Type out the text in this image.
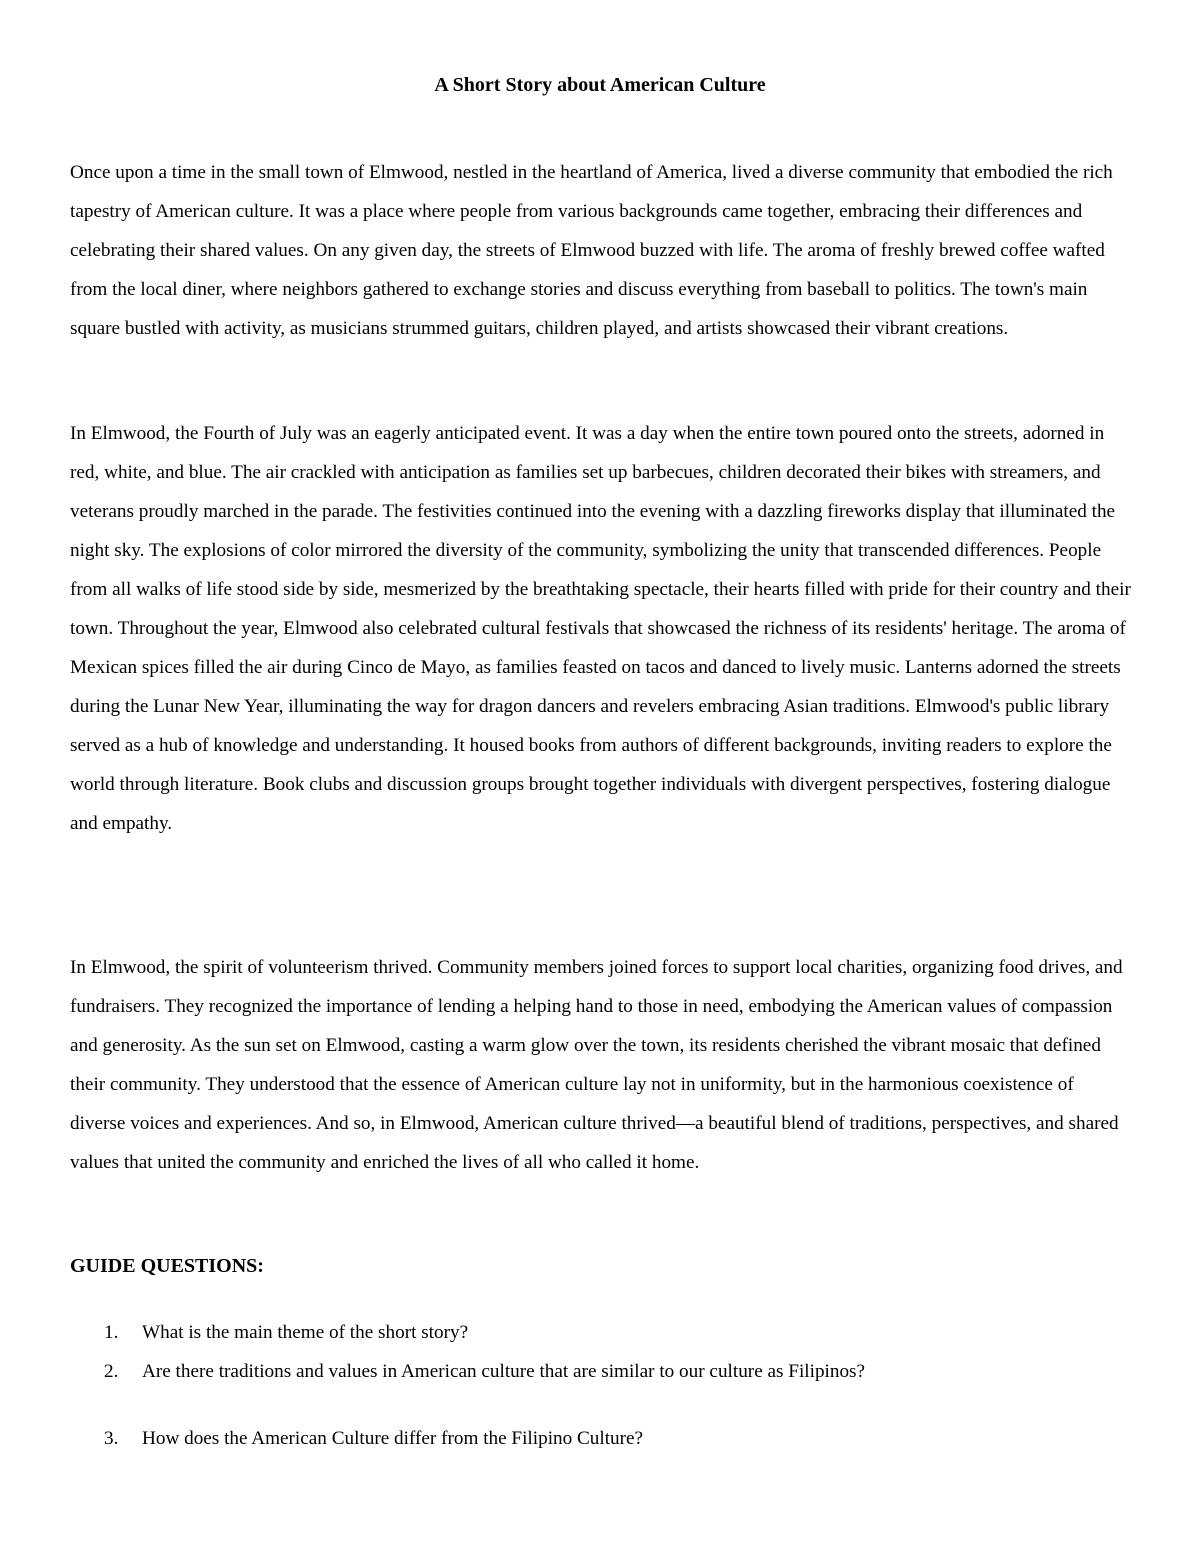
A Short Story about American Culture

Once upon a time in the small town of Elmwood, nestled in the heartland of America, lived a diverse community that embodied the rich tapestry of American culture. It was a place where people from various backgrounds came together, embracing their differences and celebrating their shared values. On any given day, the streets of Elmwood buzzed with life. The aroma of freshly brewed coffee wafted from the local diner, where neighbors gathered to exchange stories and discuss everything from baseball to politics. The town's main square bustled with activity, as musicians strummed guitars, children played, and artists showcased their vibrant creations.

In Elmwood, the Fourth of July was an eagerly anticipated event. It was a day when the entire town poured onto the streets, adorned in red, white, and blue. The air crackled with anticipation as families set up barbecues, children decorated their bikes with streamers, and veterans proudly marched in the parade. The festivities continued into the evening with a dazzling fireworks display that illuminated the night sky. The explosions of color mirrored the diversity of the community, symbolizing the unity that transcended differences. People from all walks of life stood side by side, mesmerized by the breathtaking spectacle, their hearts filled with pride for their country and their town. Throughout the year, Elmwood also celebrated cultural festivals that showcased the richness of its residents' heritage. The aroma of Mexican spices filled the air during Cinco de Mayo, as families feasted on tacos and danced to lively music. Lanterns adorned the streets during the Lunar New Year, illuminating the way for dragon dancers and revelers embracing Asian traditions. Elmwood's public library served as a hub of knowledge and understanding. It housed books from authors of different backgrounds, inviting readers to explore the world through literature. Book clubs and discussion groups brought together individuals with divergent perspectives, fostering dialogue and empathy.

In Elmwood, the spirit of volunteerism thrived. Community members joined forces to support local charities, organizing food drives, and fundraisers. They recognized the importance of lending a helping hand to those in need, embodying the American values of compassion and generosity. As the sun set on Elmwood, casting a warm glow over the town, its residents cherished the vibrant mosaic that defined their community. They understood that the essence of American culture lay not in uniformity, but in the harmonious coexistence of diverse voices and experiences. And so, in Elmwood, American culture thrived—a beautiful blend of traditions, perspectives, and shared values that united the community and enriched the lives of all who called it home.

GUIDE QUESTIONS:
1.	What is the main theme of the short story?
2.	Are there traditions and values in American culture that are similar to our culture as Filipinos?
3.	How does the American Culture differ from the Filipino Culture?
